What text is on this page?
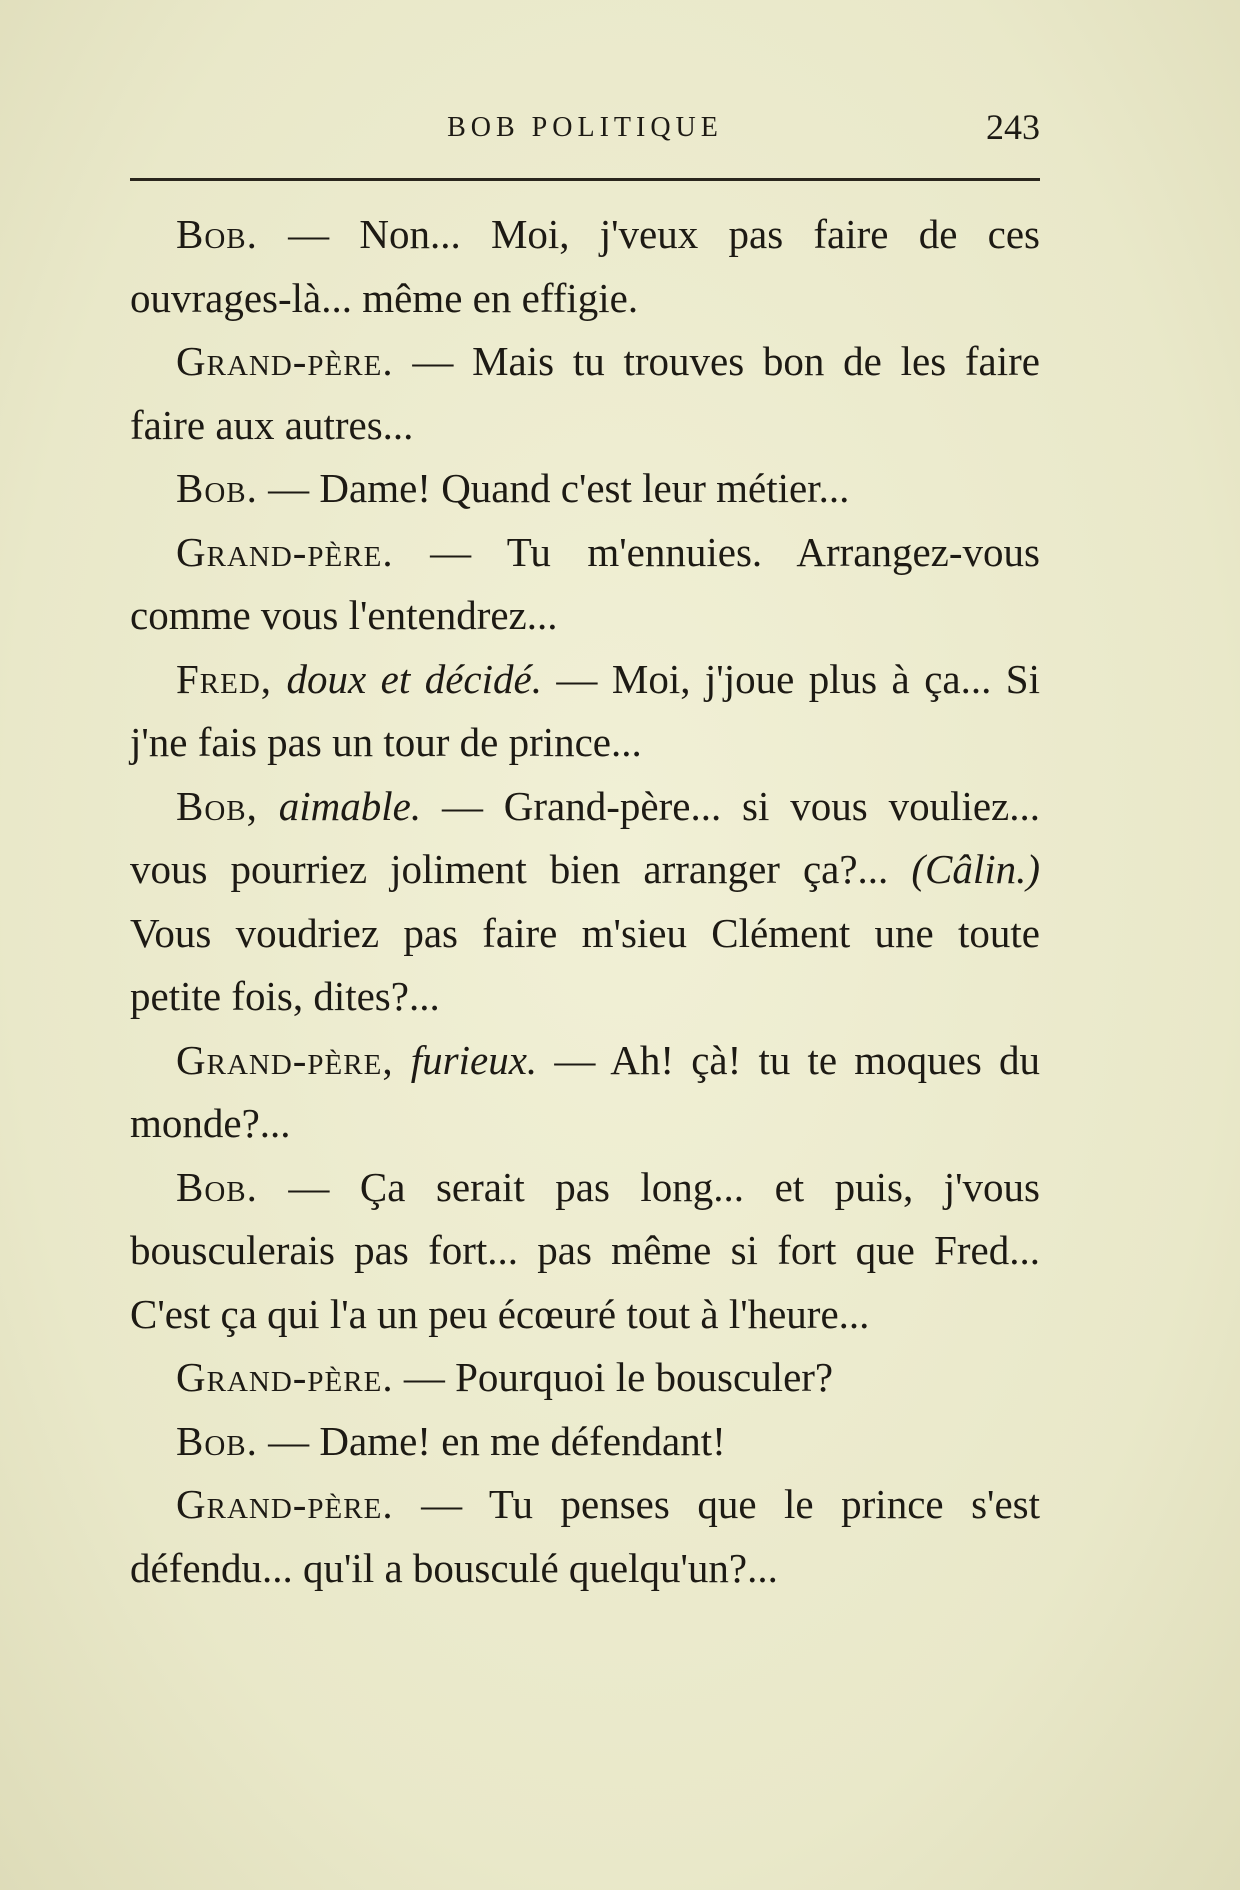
BOB POLITIQUE	243

Bob. — Non... Moi, j'veux pas faire de ces ouvrages-là... même en effigie.

Grand-père. — Mais tu trouves bon de les faire faire aux autres...

Bob. — Dame! Quand c'est leur métier...

Grand-père. — Tu m'ennuies. Arrangez-vous comme vous l'entendrez...

Fred, doux et décidé. — Moi, j'joue plus à ça... Si j'ne fais pas un tour de prince...

Bob, aimable. — Grand-père... si vous vouliez... vous pourriez joliment bien arranger ça?... (Câlin.) Vous voudriez pas faire m'sieu Clément une toute petite fois, dites?...

Grand-père, furieux. — Ah! çà! tu te moques du monde?...

Bob. — Ça serait pas long... et puis, j'vous bousculerais pas fort... pas même si fort que Fred... C'est ça qui l'a un peu écœuré tout à l'heure...

Grand-père. — Pourquoi le bousculer?

Bob. — Dame! en me défendant!

Grand-père. — Tu penses que le prince s'est défendu... qu'il a bousculé quelqu'un?...
